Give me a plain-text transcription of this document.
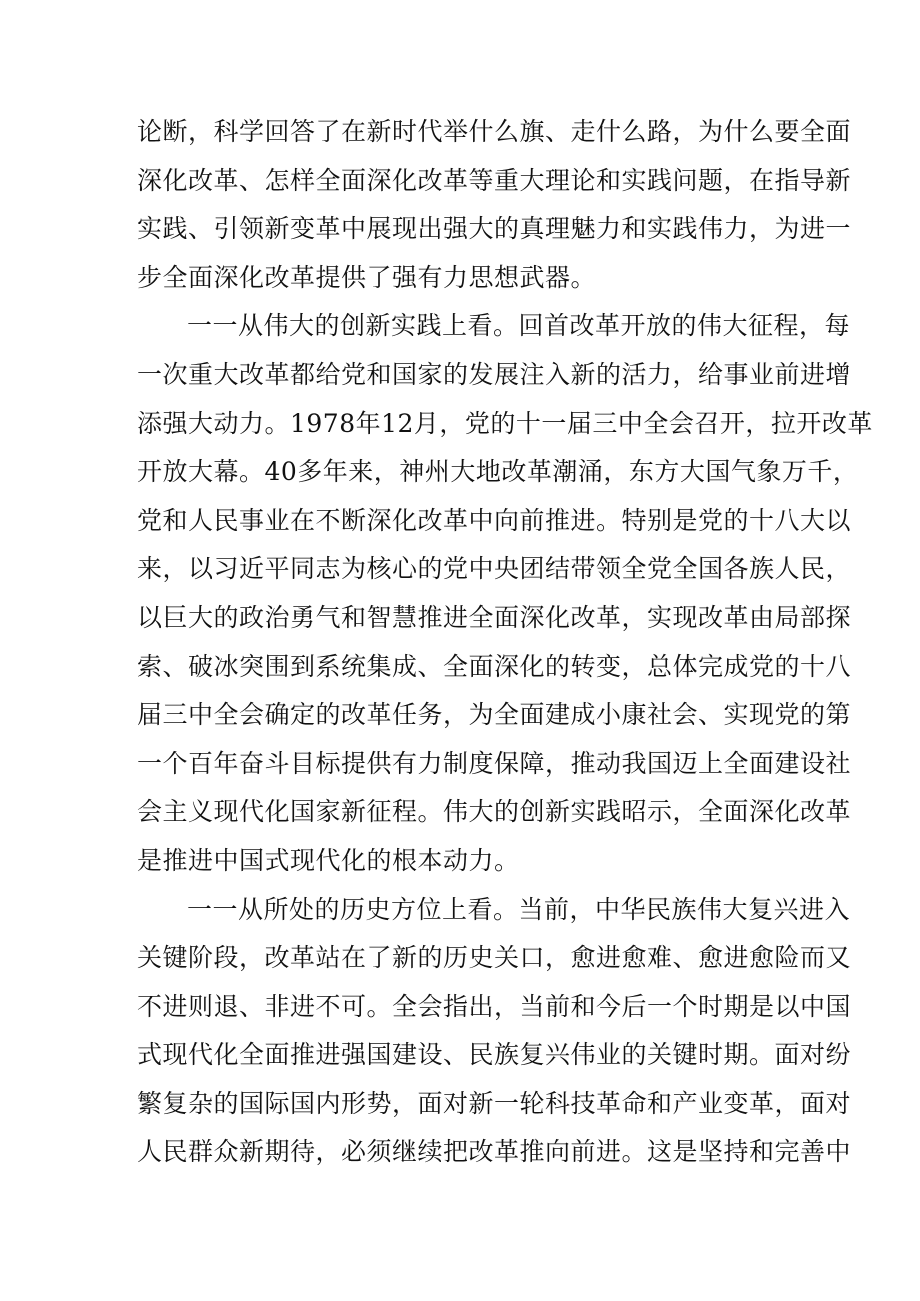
论断，科学回答了在新时代举什么旗、走什么路，为什么要全面
深化改革、怎样全面深化改革等重大理论和实践问题，在指导新
实践、引领新变革中展现出强大的真理魅力和实践伟力，为进一
步全面深化改革提供了强有力思想武器。
一一从伟大的创新实践上看。回首改革开放的伟大征程，每
一次重大改革都给党和国家的发展注入新的活力，给事业前进增
添强大动力。1978年12月，党的十一届三中全会召开，拉开改革
开放大幕。40多年来，神州大地改革潮涌，东方大国气象万千，
党和人民事业在不断深化改革中向前推进。特别是党的十八大以
来，以习近平同志为核心的党中央团结带领全党全国各族人民，
以巨大的政治勇气和智慧推进全面深化改革，实现改革由局部探
索、破冰突围到系统集成、全面深化的转变，总体完成党的十八
届三中全会确定的改革任务，为全面建成小康社会、实现党的第
一个百年奋斗目标提供有力制度保障，推动我国迈上全面建设社
会主义现代化国家新征程。伟大的创新实践昭示，全面深化改革
是推进中国式现代化的根本动力。
一一从所处的历史方位上看。当前，中华民族伟大复兴进入
关键阶段，改革站在了新的历史关口，愈进愈难、愈进愈险而又
不进则退、非进不可。全会指出，当前和今后一个时期是以中国
式现代化全面推进强国建设、民族复兴伟业的关键时期。面对纷
繁复杂的国际国内形势，面对新一轮科技革命和产业变革，面对
人民群众新期待，必须继续把改革推向前进。这是坚持和完善中
